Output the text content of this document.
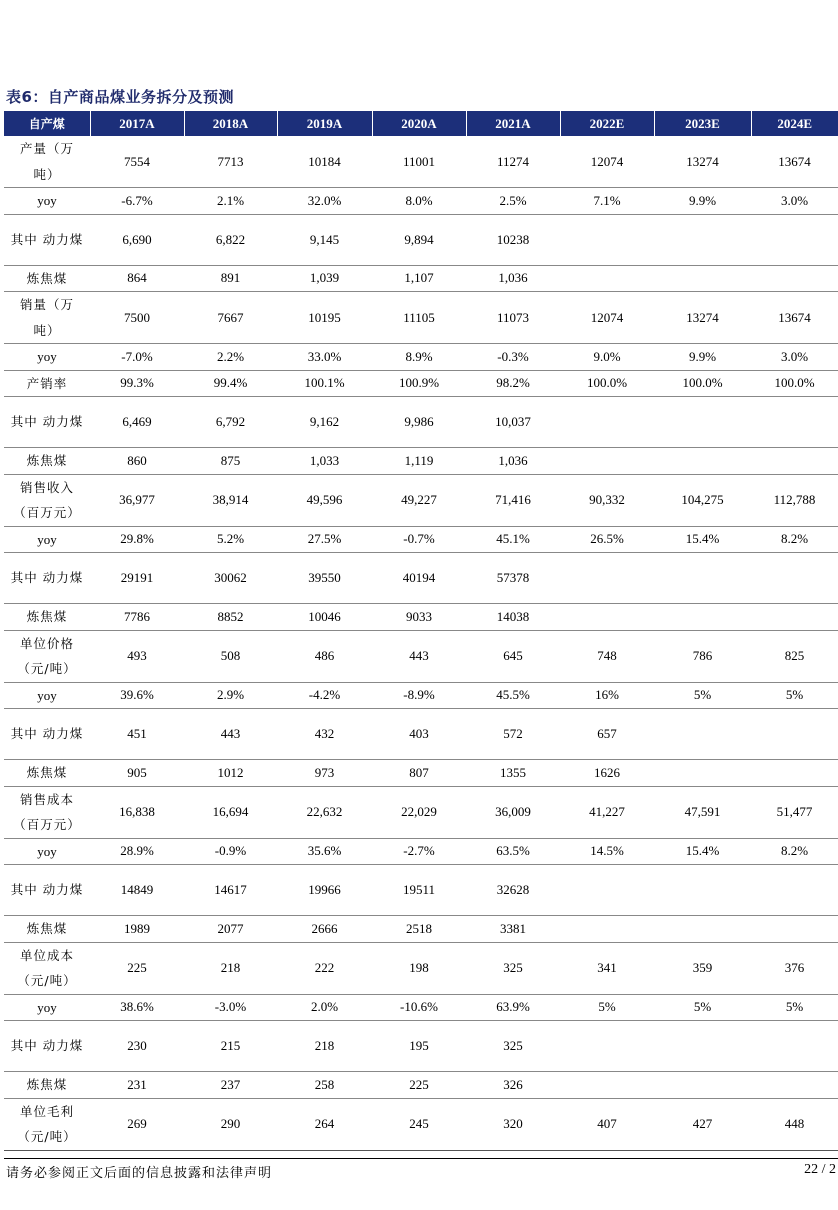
表6：自产商品煤业务拆分及预测
自产煤	2017A	2018A	2019A	2020A	2021A	2022E	2023E	2024E
产量（万吨）	7554	7713	10184	11001	11274	12074	13274	13674
yoy	-6.7%	2.1%	32.0%	8.0%	2.5%	7.1%	9.9%	3.0%
其中 动力煤	6,690	6,822	9,145	9,894	10238			
炼焦煤	864	891	1,039	1,107	1,036			
销量（万吨）	7500	7667	10195	11105	11073	12074	13274	13674
yoy	-7.0%	2.2%	33.0%	8.9%	-0.3%	9.0%	9.9%	3.0%
产销率	99.3%	99.4%	100.1%	100.9%	98.2%	100.0%	100.0%	100.0%
其中 动力煤	6,469	6,792	9,162	9,986	10,037			
炼焦煤	860	875	1,033	1,119	1,036			
销售收入（百万元）	36,977	38,914	49,596	49,227	71,416	90,332	104,275	112,788
yoy	29.8%	5.2%	27.5%	-0.7%	45.1%	26.5%	15.4%	8.2%
其中 动力煤	29191	30062	39550	40194	57378			
炼焦煤	7786	8852	10046	9033	14038			
单位价格（元/吨）	493	508	486	443	645	748	786	825
yoy	39.6%	2.9%	-4.2%	-8.9%	45.5%	16%	5%	5%
其中 动力煤	451	443	432	403	572	657		
炼焦煤	905	1012	973	807	1355	1626		
销售成本（百万元）	16,838	16,694	22,632	22,029	36,009	41,227	47,591	51,477
yoy	28.9%	-0.9%	35.6%	-2.7%	63.5%	14.5%	15.4%	8.2%
其中 动力煤	14849	14617	19966	19511	32628			
炼焦煤	1989	2077	2666	2518	3381			
单位成本（元/吨）	225	218	222	198	325	341	359	376
yoy	38.6%	-3.0%	2.0%	-10.6%	63.9%	5%	5%	5%
其中 动力煤	230	215	218	195	325			
炼焦煤	231	237	258	225	326			
单位毛利（元/吨）	269	290	264	245	320	407	427	448
请务必参阅正文后面的信息披露和法律声明	22 / 2
